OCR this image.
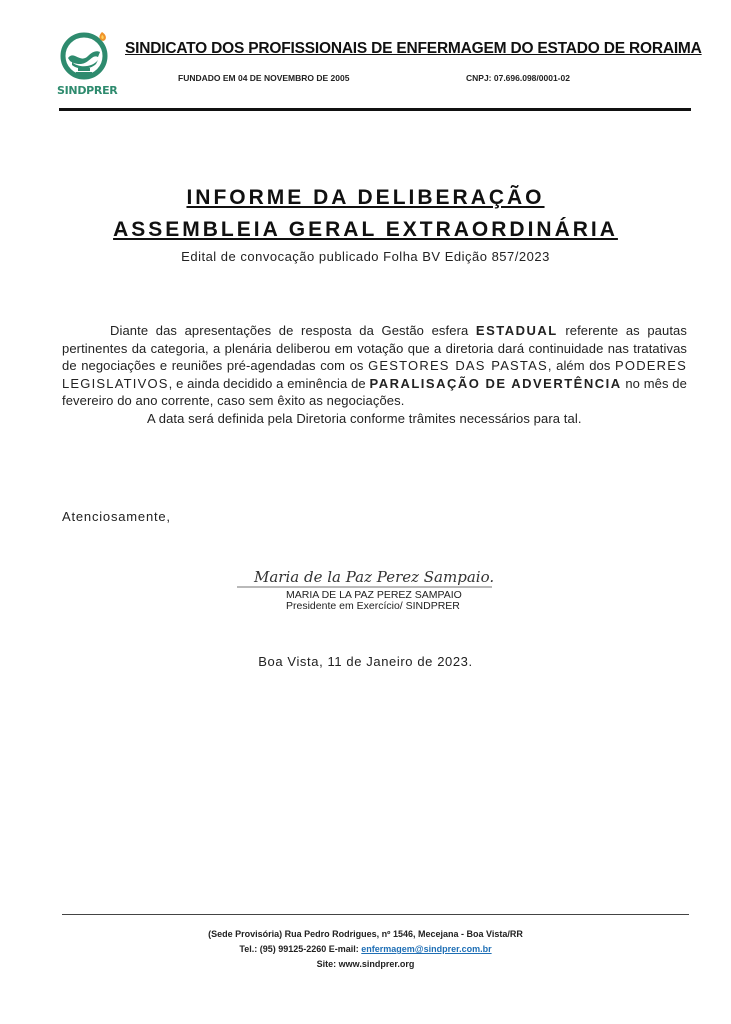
SINDPRER
SINDICATO DOS PROFISSIONAIS DE ENFERMAGEM DO ESTADO DE RORAIMA
FUNDADO EM 04 DE NOVEMBRO DE 2005	CNPJ: 07.696.098/0001-02
INFORME DA DELIBERAÇÃO
ASSEMBLEIA GERAL EXTRAORDINÁRIA
Edital de convocação publicado Folha BV Edição 857/2023

Diante das apresentações de resposta da Gestão esfera ESTADUAL referente as pautas pertinentes da categoria, a plenária deliberou em votação que a diretoria dará continuidade nas tratativas de negociações e reuniões pré-agendadas com os GESTORES DAS PASTAS, além dos PODERES LEGISLATIVOS, e ainda decidido a eminência de PARALISAÇÃO DE ADVERTÊNCIA no mês de fevereiro do ano corrente, caso sem êxito as negociações.

A data será definida pela Diretoria conforme trâmites necessários para tal.

Atenciosamente,
Maria de la Paz Perez Sampaio.
MARIA DE LA PAZ PEREZ SAMPAIO
Presidente em Exercício/ SINDPRER
Boa Vista, 11 de Janeiro de 2023.
(Sede Provisória) Rua Pedro Rodrigues, nº 1546, Mecejana - Boa Vista/RR
Tel.: (95) 99125-2260 E-mail: enfermagem@sindprer.com.br
Site: www.sindprer.org
